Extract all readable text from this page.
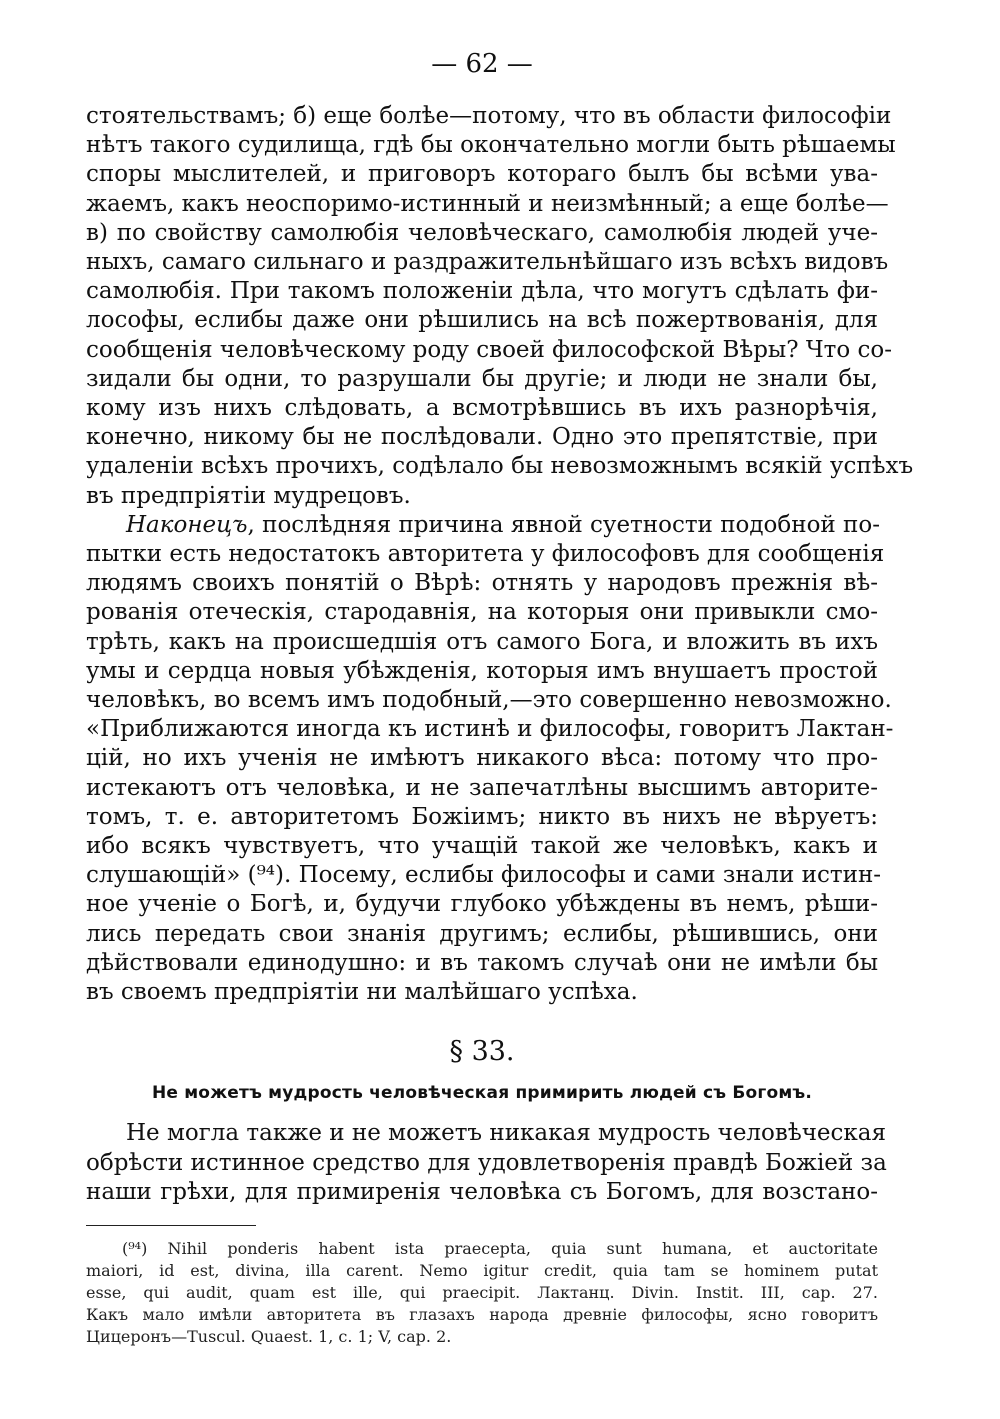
— 62 —
стоятельствамъ; б) еще болѣе—потому, что въ области философіи
нѣтъ такого судилища, гдѣ бы окончательно могли быть рѣшаемы
споры мыслителей, и приговоръ котораго былъ бы всѣми ува-
жаемъ, какъ неоспоримо-истинный и неизмѣнный; а еще болѣе—
в) по свойству самолюбія человѣческаго, самолюбія людей уче-
ныхъ, самаго сильнаго и раздражительнѣйшаго изъ всѣхъ видовъ
самолюбія. При такомъ положеніи дѣла, что могутъ сдѣлать фи-
лософы, еслибы даже они рѣшились на всѣ пожертвованія, для
сообщенія человѣческому роду своей философской Вѣры? Что со-
зидали бы одни, то разрушали бы другіе; и люди не знали бы,
кому изъ нихъ слѣдовать, а всмотрѣвшись въ ихъ разнорѣчія,
конечно, никому бы не послѣдовали. Одно это препятствіе, при
удаленіи всѣхъ прочихъ, содѣлало бы невозможнымъ всякій успѣхъ
въ предпріятіи мудрецовъ.
Наконецъ, послѣдняя причина явной суетности подобной по-
пытки есть недостатокъ авторитета у философовъ для сообщенія
людямъ своихъ понятій о Вѣрѣ: отнять у народовъ прежнія вѣ-
рованія отеческія, стародавнія, на которыя они привыкли смо-
трѣть, какъ на происшедшія отъ самого Бога, и вложить въ ихъ
умы и сердца новыя убѣжденія, которыя имъ внушаетъ простой
человѣкъ, во всемъ имъ подобный,—это совершенно невозможно.
«Приближаются иногда къ истинѣ и философы, говоритъ Лактан-
цій, но ихъ ученія не имѣютъ никакого вѣса: потому что про-
истекаютъ отъ человѣка, и не запечатлѣны высшимъ авторите-
томъ, т. е. авторитетомъ Божіимъ; никто въ нихъ не вѣруетъ:
ибо всякъ чувствуетъ, что учащій такой же человѣкъ, какъ и
слушающій» (⁹⁴). Посему, еслибы философы и сами знали истин-
ное ученіе о Богѣ, и, будучи глубоко убѣждены въ немъ, рѣши-
лись передать свои знанія другимъ; еслибы, рѣшившись, они
дѣйствовали единодушно: и въ такомъ случаѣ они не имѣли бы
въ своемъ предпріятіи ни малѣйшаго успѣха.
§ 33.
Не можетъ мудрость человѣческая примирить людей съ Богомъ.
Не могла также и не можетъ никакая мудрость человѣческая
обрѣсти истинное средство для удовлетворенія правдѣ Божіей за
наши грѣхи, для примиренія человѣка съ Богомъ, для возстано-
(⁹⁴) Nihil ponderis habent ista praecepta, quia sunt humana, et auctoritate
maiori, id est, divina, illa carent. Nemo igitur credit, quia tam se hominem putat
esse, qui audit, quam est ille, qui praecipit. Лактанц. Divin. Instit. III, cap. 27.
Какъ мало имѣли авторитета въ глазахъ народа древніе философы, ясно говоритъ
Цицеронъ—Tuscul. Quaest. 1, c. 1; V, cap. 2.
